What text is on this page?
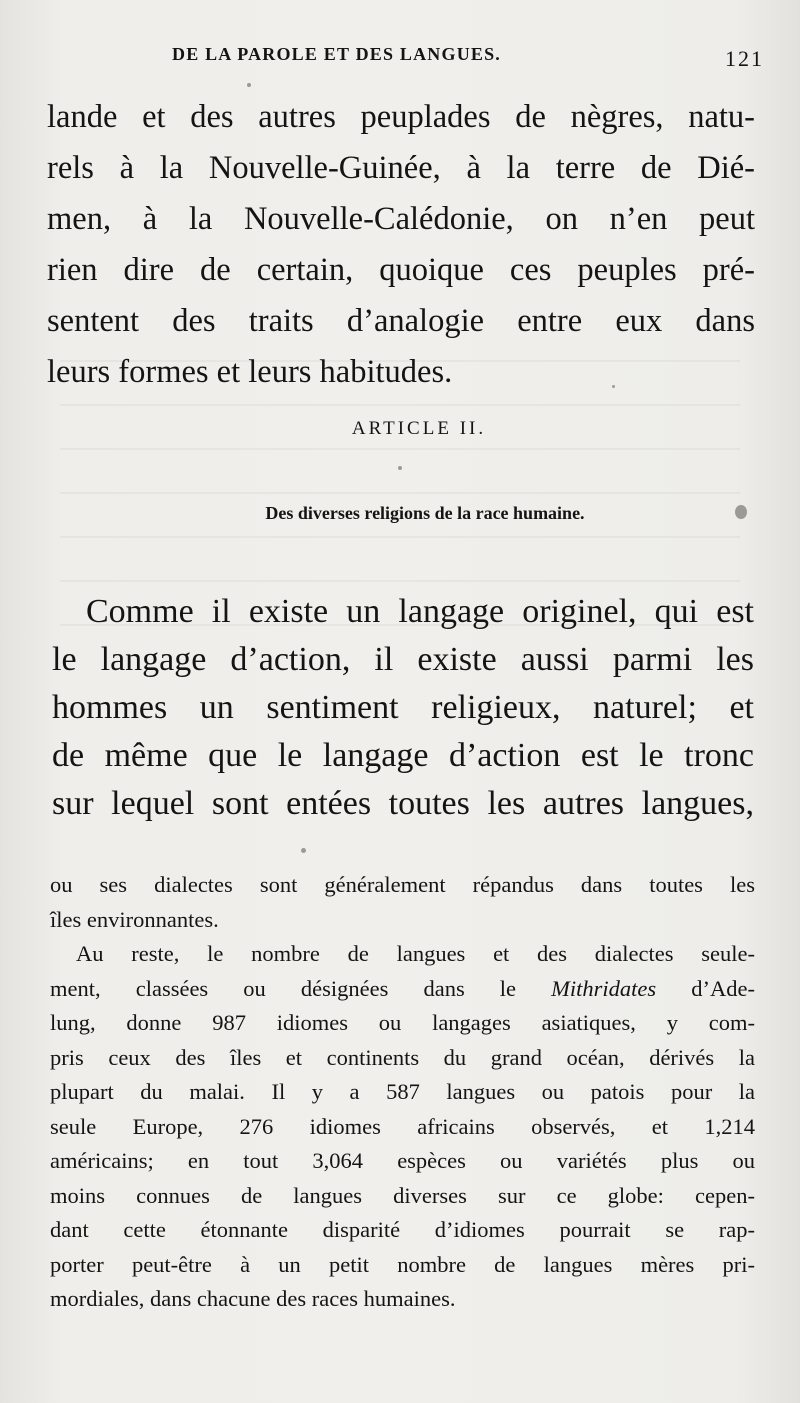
DE LA PAROLE ET DES LANGUES.	121
lande et des autres peuplades de nègres, natu-
rels à la Nouvelle-Guinée, à la terre de Dié-
men, à la Nouvelle-Calédonie, on n’en peut
rien dire de certain, quoique ces peuples pré-
sentent des traits d’analogie entre eux dans
leurs formes et leurs habitudes.
ARTICLE II.
Des diverses religions de la race humaine.
Comme il existe un langage originel, qui est
le langage d’action, il existe aussi parmi les
hommes un sentiment religieux, naturel; et
de même que le langage d’action est le tronc
sur lequel sont entées toutes les autres langues,
ou ses dialectes sont généralement répandus dans toutes les
îles environnantes.
Au reste, le nombre de langues et des dialectes seule-
ment, classées ou désignées dans le Mithridates d’Ade-
lung, donne 987 idiomes ou langages asiatiques, y com-
pris ceux des îles et continents du grand océan, dérivés la
plupart du malai. Il y a 587 langues ou patois pour la
seule Europe, 276 idiomes africains observés, et 1,214
américains; en tout 3,064 espèces ou variétés plus ou
moins connues de langues diverses sur ce globe: cepen-
dant cette étonnante disparité d’idiomes pourrait se rap-
porter peut-être à un petit nombre de langues mères pri-
mordiales, dans chacune des races humaines.
